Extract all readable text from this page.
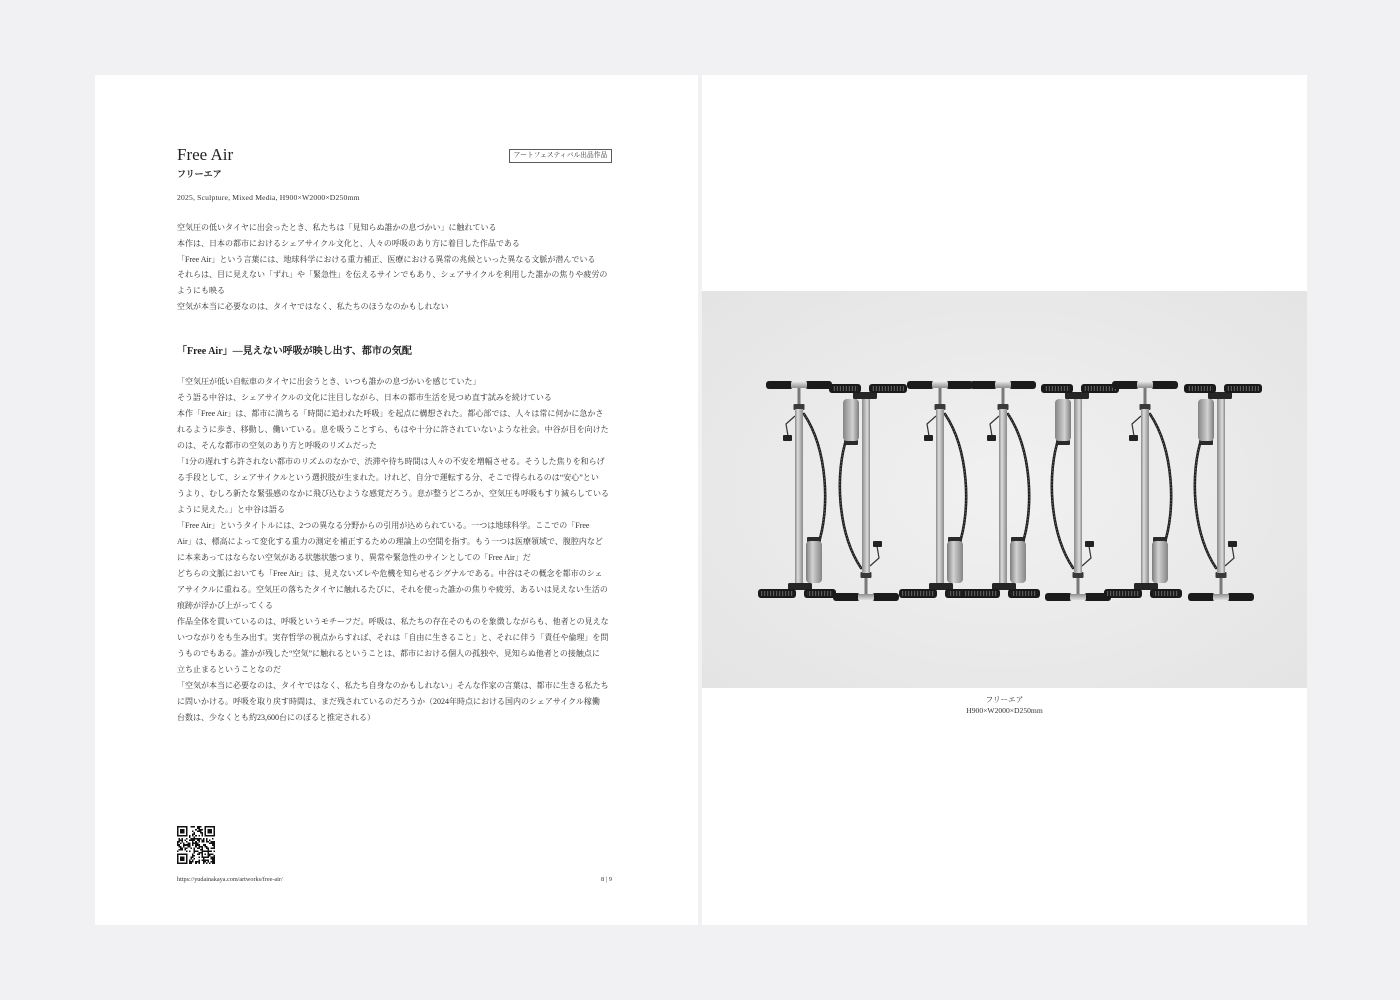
Free Air
フリーエア
アートフェスティバル出品作品
2025, Sculpture, Mixed Media, H900×W2000×D250mm
空気圧の低いタイヤに出会ったとき、私たちは「見知らぬ誰かの息づかい」に触れている
本作は、日本の都市におけるシェアサイクル文化と、人々の呼吸のあり方に着目した作品である
「Free Air」という言葉には、地球科学における重力補正、医療における異常の兆候といった異なる文脈が潜んでいる
それらは、目に見えない「ずれ」や「緊急性」を伝えるサインでもあり、シェアサイクルを利用した誰かの焦りや疲労の
ようにも映る
空気が本当に必要なのは、タイヤではなく、私たちのほうなのかもしれない
「Free Air」―見えない呼吸が映し出す、都市の気配
「空気圧が低い自転車のタイヤに出会うとき、いつも誰かの息づかいを感じていた」
そう語る中谷は、シェアサイクルの文化に注目しながら、日本の都市生活を見つめ直す試みを続けている
本作「Free Air」は、都市に満ちる「時間に追われた呼吸」を起点に構想された。都心部では、人々は常に何かに急かさ
れるように歩き、移動し、働いている。息を吸うことすら、もはや十分に許されていないような社会。中谷が目を向けた
のは、そんな都市の空気のあり方と呼吸のリズムだった
「1分の遅れすら許されない都市のリズムのなかで、渋滞や待ち時間は人々の不安を増幅させる。そうした焦りを和らげ
る手段として、シェアサイクルという選択肢が生まれた。けれど、自分で運転する分、そこで得られるのは“安心”とい
うより、むしろ新たな緊張感のなかに飛び込むような感覚だろう。息が整うどころか、空気圧も呼吸もすり減らしている
ように見えた。」と中谷は語る
「Free Air」というタイトルには、2つの異なる分野からの引用が込められている。一つは地球科学。ここでの「Free
Air」は、標高によって変化する重力の測定を補正するための理論上の空間を指す。もう一つは医療領域で、腹腔内など
に本来あってはならない空気がある状態状態つまり、異常や緊急性のサインとしての「Free Air」だ
どちらの文脈においても「Free Air」は、見えないズレや危機を知らせるシグナルである。中谷はその概念を都市のシェ
アサイクルに重ねる。空気圧の落ちたタイヤに触れるたびに、それを使った誰かの焦りや疲労、あるいは見えない生活の
痕跡が浮かび上がってくる
作品全体を貫いているのは、呼吸というモチーフだ。呼吸は、私たちの存在そのものを象徴しながらも、他者との見えな
いつながりをも生み出す。実存哲学の視点からすれば、それは「自由に生きること」と、それに伴う「責任や倫理」を問
うものでもある。誰かが残した“空気”に触れるということは、都市における個人の孤独や、見知らぬ他者との接触点に
立ち止まるということなのだ
「空気が本当に必要なのは、タイヤではなく、私たち自身なのかもしれない」そんな作家の言葉は、都市に生きる私たち
に問いかける。呼吸を取り戻す時間は、まだ残されているのだろうか（2024年時点における国内のシェアサイクル稼働
台数は、少なくとも約23,600台にのぼると推定される）
https://yudainakaya.com/artworks/free-air/	8 | 9
フリーエア
H900×W2000×D250mm
